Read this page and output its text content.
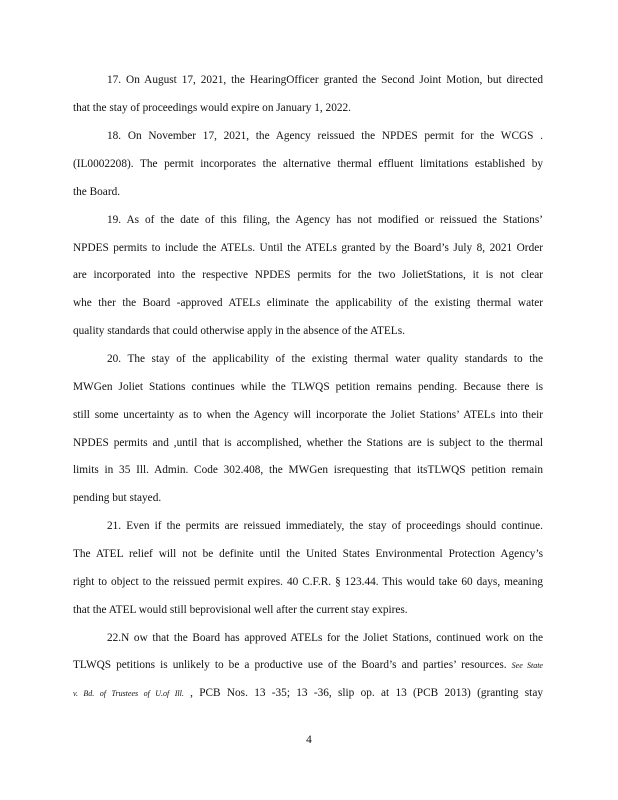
17. On August 17, 2021, the HearingOfficer granted the Second Joint Motion, but directed
that the stay of proceedings would expire on January 1, 2022.
18. On November 17, 2021, the Agency reissued the NPDES permit for the WCGS .
(IL0002208). The permit incorporates the alternative thermal effluent limitations established by
the Board.
19. As of the date of this filing, the Agency has not modified or reissued the Stations’
NPDES permits to include the ATELs. Until the ATELs granted by the Board’s July 8, 2021 Order
are incorporated into the respective NPDES permits for the two JolietStations, it is not clear
whe ther the Board -approved ATELs eliminate the applicability of the existing thermal water
quality standards that could otherwise apply in the absence of the ATELs.
20. The stay of the applicability of the existing thermal water quality standards to the
MWGen Joliet Stations continues while the TLWQS petition remains pending. Because there is
still some uncertainty as to when the Agency will incorporate the Joliet Stations’ ATELs into their
NPDES permits and ,until that is accomplished, whether the Stations are is subject to the thermal
limits in 35 Ill. Admin. Code 302.408, the MWGen isrequesting that itsTLWQS petition remain
pending but stayed.
21. Even if the permits are reissued immediately, the stay of proceedings should continue.
The ATEL relief will not be definite until the United States Environmental Protection Agency’s
right to object to the reissued permit expires. 40 C.F.R. § 123.44. This would take 60 days, meaning
that the ATEL would still beprovisional well after the current stay expires.
22.N ow that the Board has approved ATELs for the Joliet Stations, continued work on the
TLWQS petitions is unlikely to be a productive use of the Board’s and parties’ resources. See State
v. Bd. of Trustees of U.of Ill. , PCB Nos. 13 -35; 13 -36, slip op. at 13 (PCB 2013) (granting stay
4
